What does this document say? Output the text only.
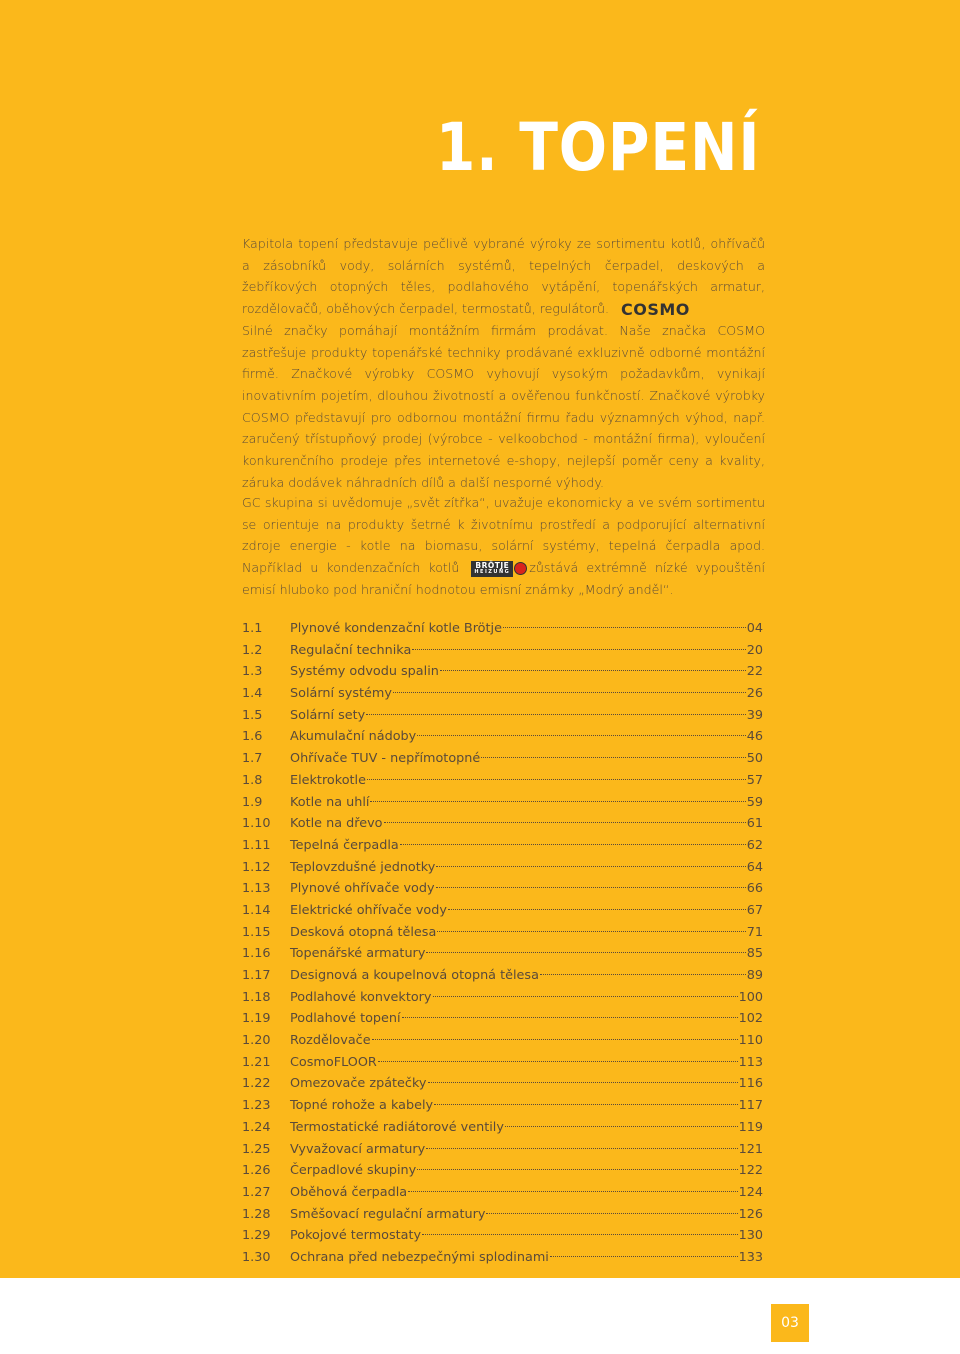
1. TOPENÍ

Kapitola topení představuje pečlivě vybrané výroky ze sortimentu kotlů, ohřívačů a zásobníků vody, solárních systémů, tepelných čerpadel, deskových a žebříkových otopných těles, podlahového vytápění, topenářských armatur, rozdělovačů, oběhových čerpadel, termostatů, regulátorů. COSMO
Silné značky pomáhají montážním firmám prodávat. Naše značka COSMO zastřešuje produkty topenářské techniky prodávané exkluzivně odborné montážní firmě. Značkové výrobky COSMO vyhovují vysokým požadavkům, vynikají inovativním pojetím, dlouhou životností a ověřenou funkčností. Značkové výrobky COSMO představují pro odbornou montážní firmu řadu významných výhod, např. zaručený třístupňový prodej (výrobce - velkoobchod - montážní firma), vyloučení konkurenčního prodeje přes internetové e-shopy, nejlepší poměr ceny a kvality, záruka dodávek náhradních dílů a další nesporné výhody.

GC skupina si uvědomuje „svět zítřka“, uvažuje ekonomicky a ve svém sortimentu se orientuje na produkty šetrné k životnímu prostředí a podporující alternativní zdroje energie - kotle na biomasu, solární systémy, tepelná čerpadla apod. Například u kondenzačních kotlů	BRÖTJE
HEIZUNG zůstává extrémně nízké vypouštění emisí hluboko pod hraniční hodnotou emisní známky „Modrý anděl“.

1.1	Plynové kondenzační kotle Brötje	04
1.2	Regulační technika	20
1.3	Systémy odvodu spalin	22
1.4	Solární systémy	26
1.5	Solární sety	39
1.6	Akumulační nádoby	46
1.7	Ohřívače TUV - nepřímotopné	50
1.8	Elektrokotle	57
1.9	Kotle na uhlí	59
1.10	Kotle na dřevo	61
1.11	Tepelná čerpadla	62
1.12	Teplovzdušné jednotky	64
1.13	Plynové ohřívače vody	66
1.14	Elektrické ohřívače vody	67
1.15	Desková otopná tělesa	71
1.16	Topenářské armatury	85
1.17	Designová a koupelnová otopná tělesa	89
1.18	Podlahové konvektory	100
1.19	Podlahové topení	102
1.20	Rozdělovače	110
1.21	CosmoFLOOR	113
1.22	Omezovače zpátečky	116
1.23	Topné rohože a kabely	117
1.24	Termostatické radiátorové ventily	119
1.25	Vyvažovací armatury	121
1.26	Čerpadlové skupiny	122
1.27	Oběhová čerpadla	124
1.28	Směšovací regulační armatury	126
1.29	Pokojové termostaty	130
1.30	Ochrana před nebezpečnými splodinami	133
03
